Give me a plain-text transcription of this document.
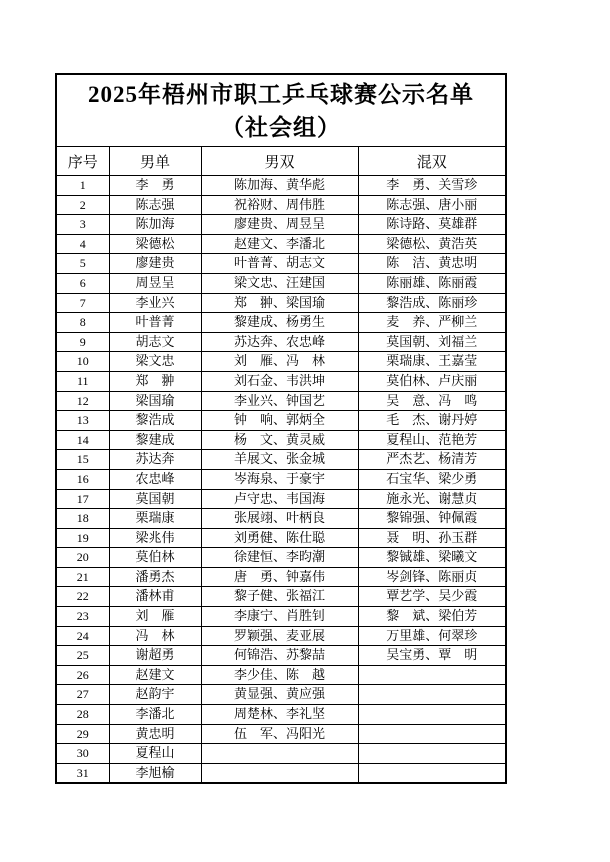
2025年梧州市职工乒乓球赛公示名单
（社会组）			

序号	男单	男双	混双
1	李　勇	陈加海、黄华彪	李　勇、关雪珍
2	陈志强	祝裕财、周伟胜	陈志强、唐小丽
3	陈加海	廖建贵、周昱呈	陈诗路、莫雄群
4	梁德松	赵建文、李潘北	梁德松、黄浩英
5	廖建贵	叶普菁、胡志文	陈　洁、黄忠明
6	周昱呈	梁文忠、汪建国	陈丽雄、陈丽霞
7	李业兴	郑　翀、梁国瑜	黎浩成、陈丽珍
8	叶普菁	黎建成、杨勇生	麦　养、严柳兰
9	胡志文	苏达奔、农忠峰	莫国朝、刘福兰
10	梁文忠	刘　雁、冯　林	栗瑞康、王嘉莹
11	郑　翀	刘石金、韦洪坤	莫伯林、卢庆丽
12	梁国瑜	李业兴、钟国艺	吴　意、冯　鸣
13	黎浩成	钟　响、郭炳全	毛　杰、谢丹婷
14	黎建成	杨　文、黄灵威	夏程山、范艳芳
15	苏达奔	羊展文、张金城	严杰艺、杨清芳
16	农忠峰	岑海泉、于豪宇	石宝华、梁少勇
17	莫国朝	卢守忠、韦国海	施永光、谢慧贞
18	栗瑞康	张展翊、叶柄良	黎锦强、钟佩霞
19	梁兆伟	刘勇健、陈仕聪	聂　明、孙玉群
20	莫伯林	徐建恒、李昀潮	黎铖雄、梁曦文
21	潘勇杰	唐　勇、钟嘉伟	岑剑锋、陈丽贞
22	潘林甫	黎子健、张福江	覃艺学、吴少霞
23	刘　雁	李康宁、肖胜钊	黎　斌、梁伯芳
24	冯　林	罗颖强、麦亚展	万里雄、何翠珍
25	谢超勇	何锦浩、苏黎喆	吴宝勇、覃　明
26	赵建文	李少佳、陈　越	
27	赵韵宇	黄显强、黄应强	
28	李潘北	周楚林、李礼坚	
29	黄忠明	伍　军、冯阳光	
30	夏程山		
31	李旭榆		
